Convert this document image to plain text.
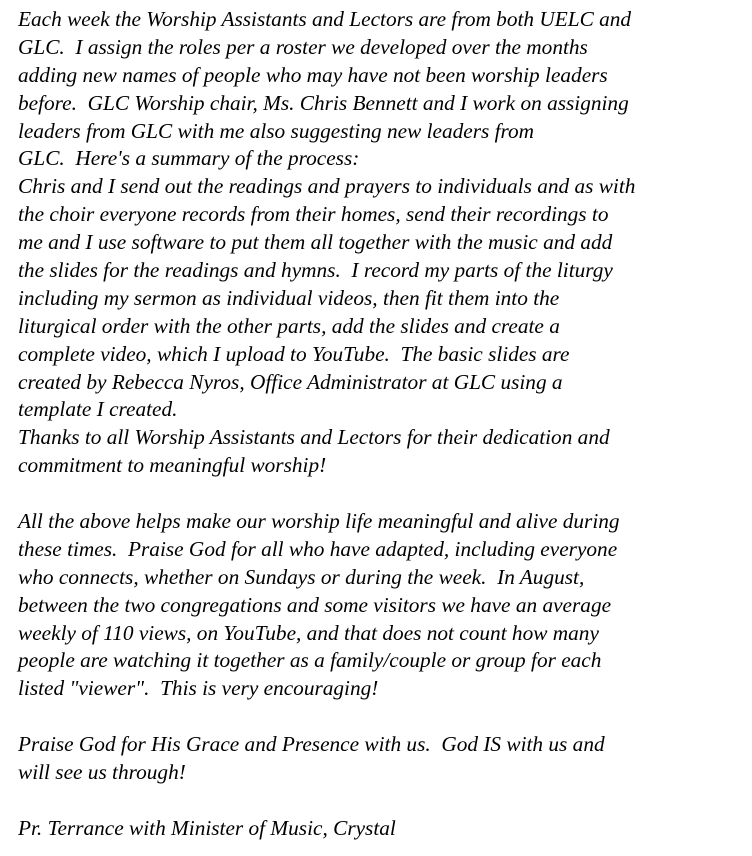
Each week the Worship Assistants and Lectors are from both UELC and
GLC.  I assign the roles per a roster we developed over the months
adding new names of people who may have not been worship leaders
before.  GLC Worship chair, Ms. Chris Bennett and I work on assigning
leaders from GLC with me also suggesting new leaders from
GLC.  Here's a summary of the process:
Chris and I send out the readings and prayers to individuals and as with
the choir everyone records from their homes, send their recordings to
me and I use software to put them all together with the music and add
the slides for the readings and hymns.  I record my parts of the liturgy
including my sermon as individual videos, then fit them into the
liturgical order with the other parts, add the slides and create a
complete video, which I upload to YouTube.  The basic slides are
created by Rebecca Nyros, Office Administrator at GLC using a
template I created.
Thanks to all Worship Assistants and Lectors for their dedication and
commitment to meaningful worship!
All the above helps make our worship life meaningful and alive during
these times.  Praise God for all who have adapted, including everyone
who connects, whether on Sundays or during the week.  In August,
between the two congregations and some visitors we have an average
weekly of 110 views, on YouTube, and that does not count how many
people are watching it together as a family/couple or group for each
listed "viewer".  This is very encouraging!
Praise God for His Grace and Presence with us.  God IS with us and
will see us through!
Pr. Terrance with Minister of Music, Crystal
